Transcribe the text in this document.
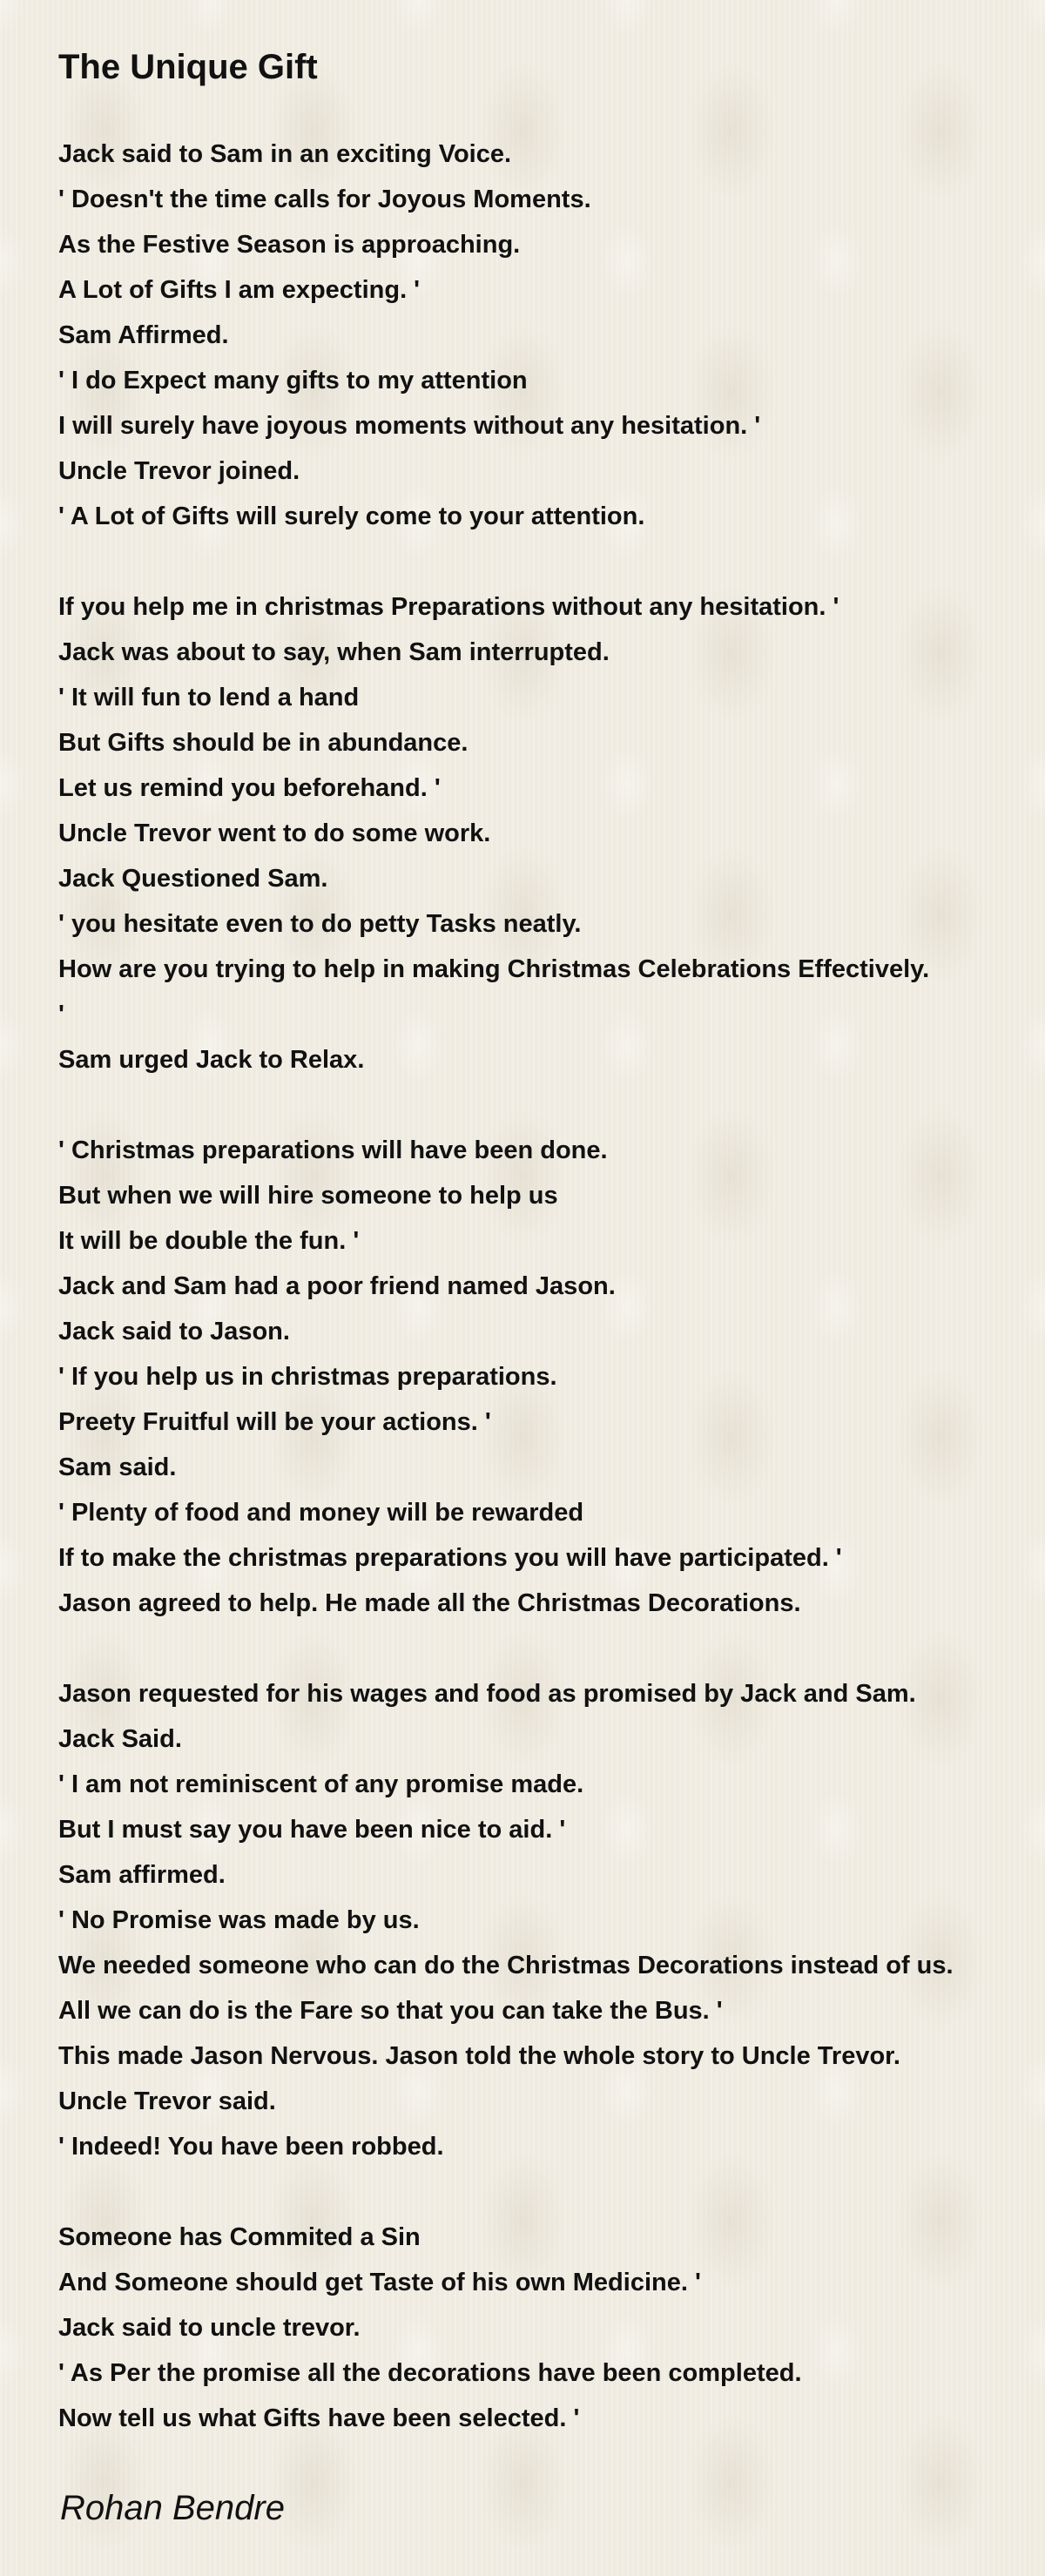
The Unique Gift
Jack said to Sam in an exciting Voice.
' Doesn't the time calls for Joyous Moments.
As the Festive Season is approaching.
A Lot of Gifts I am expecting. '
Sam Affirmed.
' I do Expect many gifts to my attention
I will surely have joyous moments without any hesitation. '
Uncle Trevor joined.
' A Lot of Gifts will surely come to your attention.
If you help me in christmas Preparations without any hesitation. '
Jack was about to say, when Sam interrupted.
' It will fun to lend a hand
But Gifts should be in abundance.
Let us remind you beforehand. '
Uncle Trevor went to do some work.
Jack Questioned Sam.
' you hesitate even to do petty Tasks neatly.
How are you trying to help in making Christmas Celebrations Effectively.
'
Sam urged Jack to Relax.
' Christmas preparations will have been done.
But when we will hire someone to help us
It will be double the fun. '
Jack and Sam had a poor friend named Jason.
Jack said to Jason.
' If you help us in christmas preparations.
Preety Fruitful will be your actions. '
Sam said.
' Plenty of food and money will be rewarded
If to make the christmas preparations you will have participated. '
Jason agreed to help. He made all the Christmas Decorations.
Jason requested for his wages and food as promised by Jack and Sam.
Jack Said.
' I am not reminiscent of any promise made.
But I must say you have been nice to aid. '
Sam affirmed.
' No Promise was made by us.
We needed someone who can do the Christmas Decorations instead of us.
All we can do is the Fare so that you can take the Bus. '
This made Jason Nervous. Jason told the whole story to Uncle Trevor.
Uncle Trevor said.
' Indeed! You have been robbed.
Someone has Commited a Sin
And Someone should get Taste of his own Medicine. '
Jack said to uncle trevor.
' As Per the promise all the decorations have been completed.
Now tell us what Gifts have been selected. '
Rohan Bendre
